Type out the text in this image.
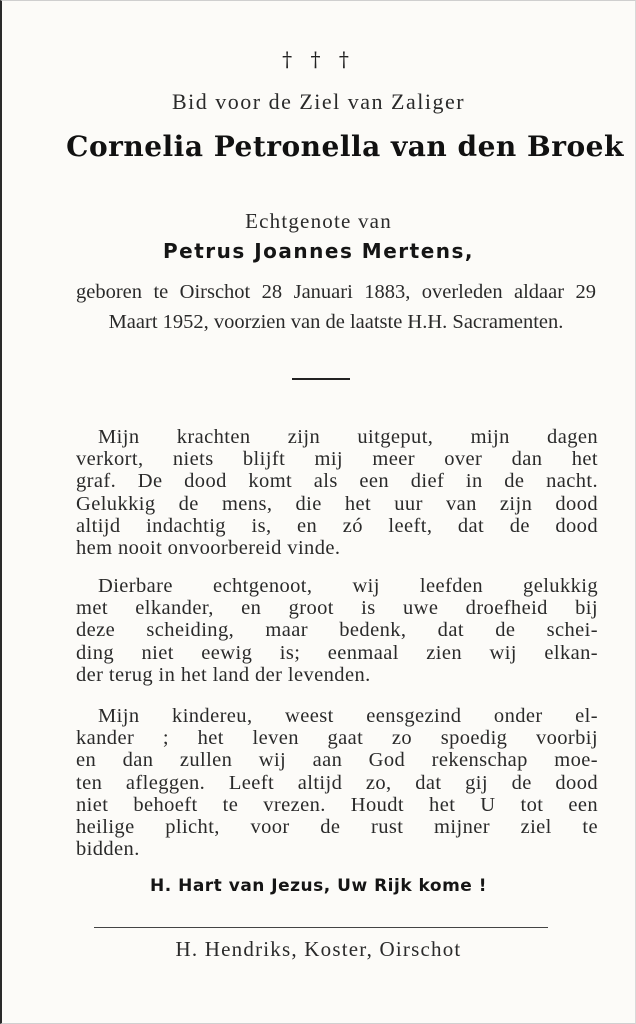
† † †
Bid voor de Ziel van Zaliger
Cornelia Petronella van den Broek
Echtgenote van
Petrus Joannes Mertens,
geboren te Oirschot 28 Januari 1883, overleden aldaar 29 Maart 1952, voorzien van de laatste H.H. Sacramenten.
Mijn krachten zijn uitgeput, mijn dagen
verkort, niets blijft mij meer over dan het
graf. De dood komt als een dief in de nacht.
Gelukkig de mens, die het uur van zijn dood
altijd indachtig is, en zó leeft, dat de dood
hem nooit onvoorbereid vinde.
Dierbare echtgenoot, wij leefden gelukkig
met elkander, en groot is uwe droefheid bij
deze scheiding, maar bedenk, dat de schei-
ding niet eewig is; eenmaal zien wij elkan-
der terug in het land der levenden.
Mijn kindereu, weest eensgezind onder el-
kander ; het leven gaat zo spoedig voorbij
en dan zullen wij aan God rekenschap moe-
ten afleggen. Leeft altijd zo, dat gij de dood
niet behoeft te vrezen. Houdt het U tot een
heilige plicht, voor de rust mijner ziel te
bidden.
H. Hart van Jezus, Uw Rijk kome !
H. Hendriks, Koster, Oirschot
